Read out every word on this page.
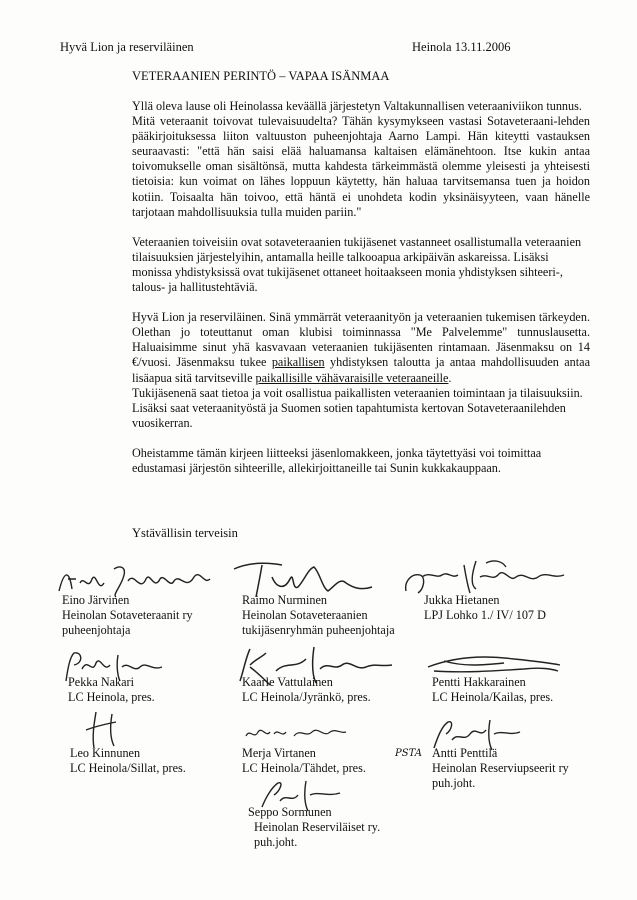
Hyvä Lion ja reserviläinen	Heinola 13.11.2006
VETERAANIEN PERINTÖ – VAPAA ISÄNMAA

Yllä oleva lause oli Heinolassa keväällä järjestetyn Valtakunnallisen veteraaniviikon tunnus.

Mitä veteraanit toivovat tulevaisuudelta? Tähän kysymykseen vastasi Sotaveteraani-lehden pääkirjoituksessa liiton valtuuston puheenjohtaja Aarno Lampi. Hän kiteytti vastauksen seuraavasti: "että hän saisi elää haluamansa kaltaisen elämänehtoon. Itse kukin antaa toivomukselle oman sisältönsä, mutta kahdesta tärkeimmästä olemme yleisesti ja yhteisesti tietoisia: kun voimat on lähes loppuun käytetty, hän haluaa tarvitsemansa tuen ja hoidon kotiin. Toisaalta hän toivoo, että häntä ei unohdeta kodin yksinäisyyteen, vaan hänelle tarjotaan mahdollisuuksia tulla muiden pariin."

Veteraanien toiveisiin ovat sotaveteraanien tukijäsenet vastanneet osallistumalla veteraanien tilaisuuksien järjestelyihin, antamalla heille talkooapua arkipäivän askareissa. Lisäksi monissa yhdistyksissä ovat tukijäsenet ottaneet hoitaakseen monia yhdistyksen sihteeri-, talous- ja hallitustehtäviä.

Hyvä Lion ja reserviläinen. Sinä ymmärrät veteraanityön ja veteraanien tukemisen tärkeyden. Olethan jo toteuttanut oman klubisi toiminnassa "Me Palvelemme" tunnuslausetta. Haluaisimme sinut yhä kasvavaan veteraanien tukijäsenten rintamaan. Jäsenmaksu on 14 €/vuosi. Jäsenmaksu tukee paikallisen yhdistyksen taloutta ja antaa mahdollisuuden antaa lisäapua sitä tarvitseville paikallisille vähävaraisille veteraaneille.

Tukijäsenenä saat tietoa ja voit osallistua paikallisten veteraanien toimintaan ja tilaisuuksiin. Lisäksi saat veteraanityöstä ja Suomen sotien tapahtumista kertovan Sotaveteraanilehden vuosikerran.

Oheistamme tämän kirjeen liitteeksi jäsenlomakkeen, jonka täytettyäsi voi toimittaa edustamasi järjestön sihteerille, allekirjoittaneille tai Sunin kukkakauppaan.

Ystävällisin terveisin
Eino Järvinen
Heinolan Sotaveteraanit ry
puheenjohtaja
Raimo Nurminen
Heinolan Sotaveteraanien
tukijäsenryhmän puheenjohtaja
Jukka Hietanen
LPJ Lohko 1./ IV/ 107 D
Pekka Nakari
LC Heinola, pres.
Kaarle Vattulainen
LC Heinola/Jyränkö, pres.
Pentti Hakkarainen
LC Heinola/Kailas, pres.
Leo Kinnunen
LC Heinola/Sillat, pres.
Merja Virtanen
LC Heinola/Tähdet, pres.
PSTA Antti Penttilä
Heinolan Reserviupseerit ry
puh.joht.
Seppo Sormunen
Heinolan Reserviläiset ry.
puh.joht.
